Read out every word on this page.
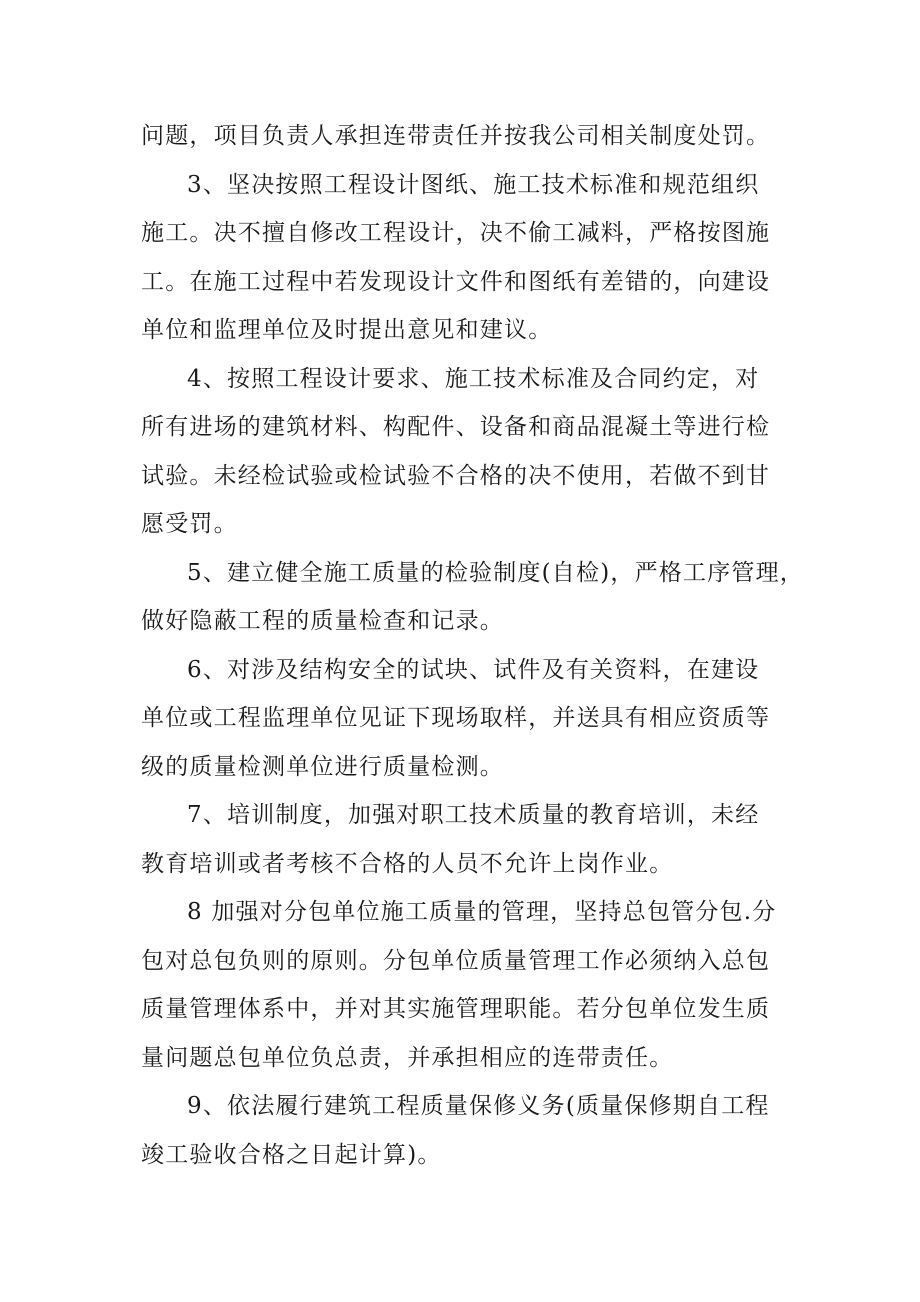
问题，项目负责人承担连带责任并按我公司相关制度处罚。
3、坚决按照工程设计图纸、施工技术标准和规范组织
施工。决不擅自修改工程设计，决不偷工减料，严格按图施
工。在施工过程中若发现设计文件和图纸有差错的，向建设
单位和监理单位及时提出意见和建议。
4、按照工程设计要求、施工技术标准及合同约定，对
所有进场的建筑材料、构配件、设备和商品混凝土等进行检
试验。未经检试验或检试验不合格的决不使用，若做不到甘
愿受罚。
5、建立健全施工质量的检验制度(自检)，严格工序管理，
做好隐蔽工程的质量检查和记录。
6、对涉及结构安全的试块、试件及有关资料，在建设
单位或工程监理单位见证下现场取样，并送具有相应资质等
级的质量检测单位进行质量检测。
7、培训制度，加强对职工技术质量的教育培训，未经
教育培训或者考核不合格的人员不允许上岗作业。
8 加强对分包单位施工质量的管理，坚持总包管分包.分
包对总包负则的原则。分包单位质量管理工作必须纳入总包
质量管理体系中，并对其实施管理职能。若分包单位发生质
量问题总包单位负总责，并承担相应的连带责任。
9、依法履行建筑工程质量保修义务(质量保修期自工程
竣工验收合格之日起计算)。
